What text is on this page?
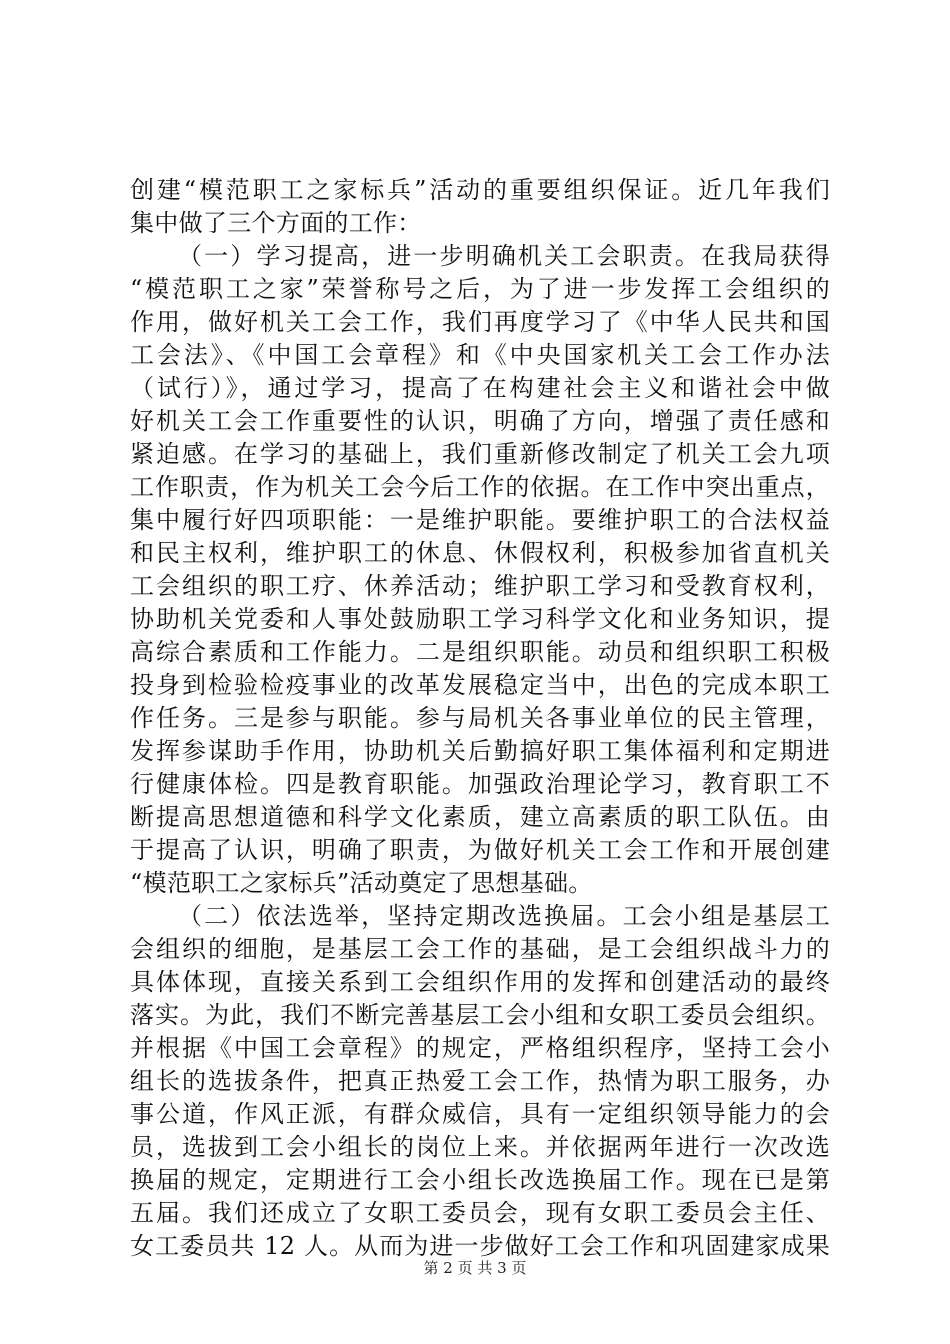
创建“模范职工之家标兵”活动的重要组织保证。近几年我们
集中做了三个方面的工作：
（一）学习提高，进一步明确机关工会职责。在我局获得
“模范职工之家”荣誉称号之后，为了进一步发挥工会组织的
作用，做好机关工会工作，我们再度学习了《中华人民共和国
工会法》、《中国工会章程》和《中央国家机关工会工作办法
（试行）》，通过学习，提高了在构建社会主义和谐社会中做
好机关工会工作重要性的认识，明确了方向，增强了责任感和
紧迫感。在学习的基础上，我们重新修改制定了机关工会九项
工作职责，作为机关工会今后工作的依据。在工作中突出重点，
集中履行好四项职能：一是维护职能。要维护职工的合法权益
和民主权利，维护职工的休息、休假权利，积极参加省直机关
工会组织的职工疗、休养活动；维护职工学习和受教育权利，
协助机关党委和人事处鼓励职工学习科学文化和业务知识，提
高综合素质和工作能力。二是组织职能。动员和组织职工积极
投身到检验检疫事业的改革发展稳定当中，出色的完成本职工
作任务。三是参与职能。参与局机关各事业单位的民主管理，
发挥参谋助手作用，协助机关后勤搞好职工集体福利和定期进
行健康体检。四是教育职能。加强政治理论学习，教育职工不
断提高思想道德和科学文化素质，建立高素质的职工队伍。由
于提高了认识，明确了职责，为做好机关工会工作和开展创建
“模范职工之家标兵”活动奠定了思想基础。
（二）依法选举，坚持定期改选换届。工会小组是基层工
会组织的细胞，是基层工会工作的基础，是工会组织战斗力的
具体体现，直接关系到工会组织作用的发挥和创建活动的最终
落实。为此，我们不断完善基层工会小组和女职工委员会组织。
并根据《中国工会章程》的规定，严格组织程序，坚持工会小
组长的选拔条件，把真正热爱工会工作，热情为职工服务，办
事公道，作风正派，有群众威信，具有一定组织领导能力的会
员，选拔到工会小组长的岗位上来。并依据两年进行一次改选
换届的规定，定期进行工会小组长改选换届工作。现在已是第
五届。我们还成立了女职工委员会，现有女职工委员会主任、
女工委员共 12 人。从而为进一步做好工会工作和巩固建家成果
第 2 页 共 3 页
